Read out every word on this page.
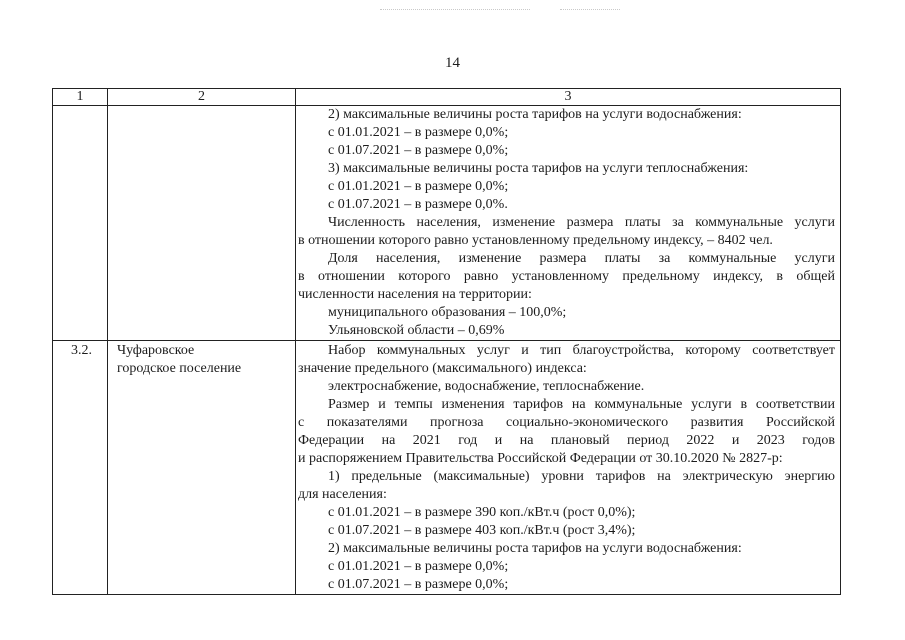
14
1	2	3
2) максимальные величины роста тарифов на услуги водоснабжения:
с 01.01.2021 – в размере 0,0%;
с 01.07.2021 – в размере 0,0%;
3) максимальные величины роста тарифов на услуги теплоснабжения:
с 01.01.2021 – в размере 0,0%;
с 01.07.2021 – в размере 0,0%.
Численность населения, изменение размера платы за коммунальные услуги
в отношении которого равно установленному предельному индексу, – 8402 чел.
Доля населения, изменение размера платы за коммунальные услуги
в отношении которого равно установленному предельному индексу, в общей
численности населения на территории:
муниципального образования – 100,0%;
Ульяновской области – 0,69%
3.2. Чуфаровское
городское поселение
Набор коммунальных услуг и тип благоустройства, которому соответствует
значение предельного (максимального) индекса:
электроснабжение, водоснабжение, теплоснабжение.
Размер и темпы изменения тарифов на коммунальные услуги в соответствии
с показателями прогноза социально-экономического развития Российской
Федерации на 2021 год и на плановый период 2022 и 2023 годов
и распоряжением Правительства Российской Федерации от 30.10.2020 № 2827-р:
1) предельные (максимальные) уровни тарифов на электрическую энергию
для населения:
с 01.01.2021 – в размере 390 коп./кВт.ч (рост 0,0%);
с 01.07.2021 – в размере 403 коп./кВт.ч (рост 3,4%);
2) максимальные величины роста тарифов на услуги водоснабжения:
с 01.01.2021 – в размере 0,0%;
с 01.07.2021 – в размере 0,0%;
